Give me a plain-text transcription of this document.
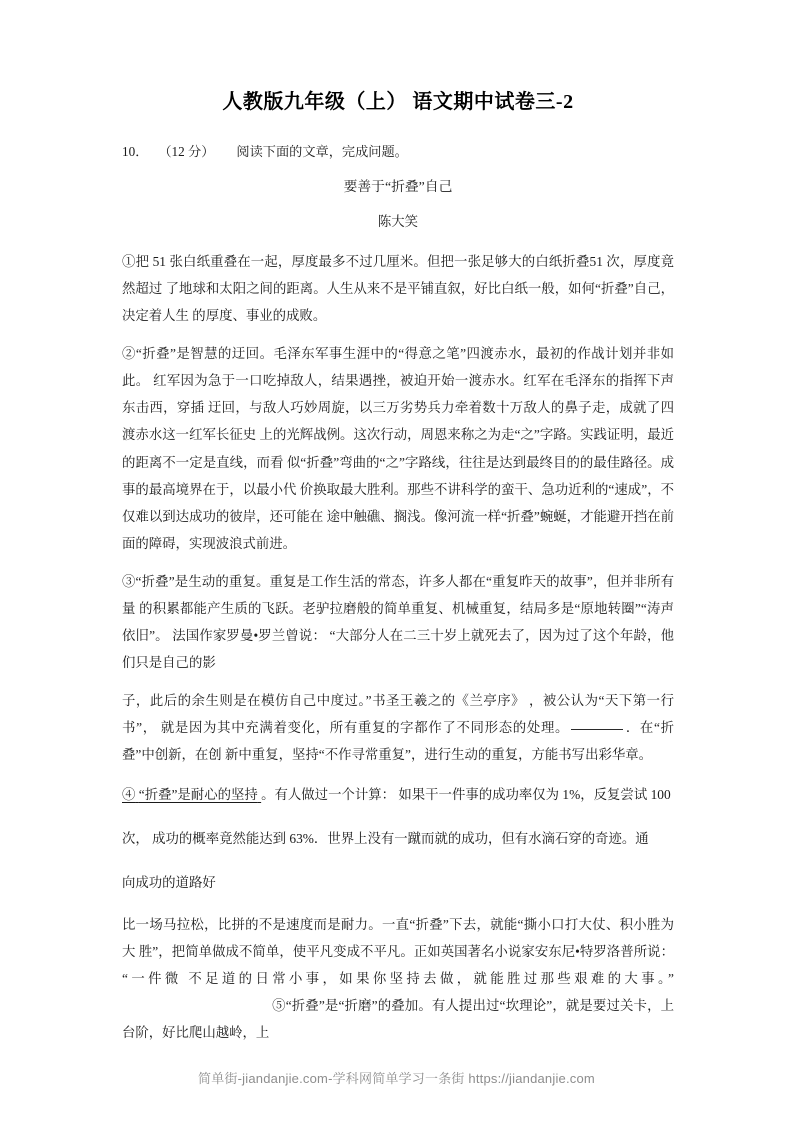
人教版九年级（上） 语文期中试卷三-2
10． （12 分） 阅读下面的文章，完成问题。
要善于“折叠”自己
陈大笑

①把 51 张白纸重叠在一起，厚度最多不过几厘米。但把一张足够大的白纸折叠51 次，厚度竟然超过 了地球和太阳之间的距离。人生从来不是平铺直叙，好比白纸一般，如何“折叠”自己，决定着人生 的厚度、事业的成败。

②“折叠”是智慧的迂回。毛泽东军事生涯中的“得意之笔”四渡赤水，最初的作战计划并非如此。 红军因为急于一口吃掉敌人，结果遇挫，被迫开始一渡赤水。红军在毛泽东的指挥下声东击西，穿插 迂回，与敌人巧妙周旋，以三万劣势兵力牵着数十万敌人的鼻子走，成就了四渡赤水这一红军长征史 上的光辉战例。这次行动，周恩来称之为走“之”字路。实践证明，最近的距离不一定是直线，而看 似“折叠”弯曲的“之”字路线，往往是达到最终目的的最佳路径。成事的最高境界在于，以最小代 价换取最大胜利。那些不讲科学的蛮干、急功近利的“速成”，不仅难以到达成功的彼岸，还可能在 途中触礁、搁浅。像河流一样“折叠”蜿蜒，才能避开挡在前面的障碍，实现波浪式前进。

③“折叠”是生动的重复。重复是工作生活的常态，许多人都在“重复昨天的故事”，但并非所有量 的积累都能产生质的飞跃。老驴拉磨般的简单重复、机械重复，结局多是“原地转圈”“涛声依旧”。 法国作家罗曼•罗兰曾说： “大部分人在二三十岁上就死去了，因为过了这个年龄，他们只是自己的影

子，此后的余生则是在模仿自己中度过。”书圣王羲之的《兰亭序》 ，被公认为“天下第一行书”， 就是因为其中充满着变化，所有重复的字都作了不同形态的处理。	．在“折叠”中创新，在创 新中重复，坚持“不作寻常重复”，进行生动的重复，方能书写出彩华章。

④ “折叠”是耐心的坚持 。有人做过一个计算： 如果干一件事的成功率仅为 1%，反复尝试 100

次， 成功的概率竟然能达到 63%．世界上没有一蹴而就的成功，但有水滴石穿的奇迹。通

向成功的道路好

比一场马拉松，比拼的不是速度而是耐力。一直“折叠”下去，就能“撕小口打大仗、积小胜为大 胜”，把简单做成不简单，使平凡变成不平凡。正如英国著名小说家安东尼•特罗洛普所说： “一件微 不足道的日常小事，如果你坚持去做，就能胜过那些艰难的大事。”⑤“折叠”是“折磨”的叠加。有人提出过“坎理论”，就是要过关卡，上台阶，好比爬山越岭，上

简单街-jiandanjie.com-学科网简单学习一条街 https://jiandanjie.com
